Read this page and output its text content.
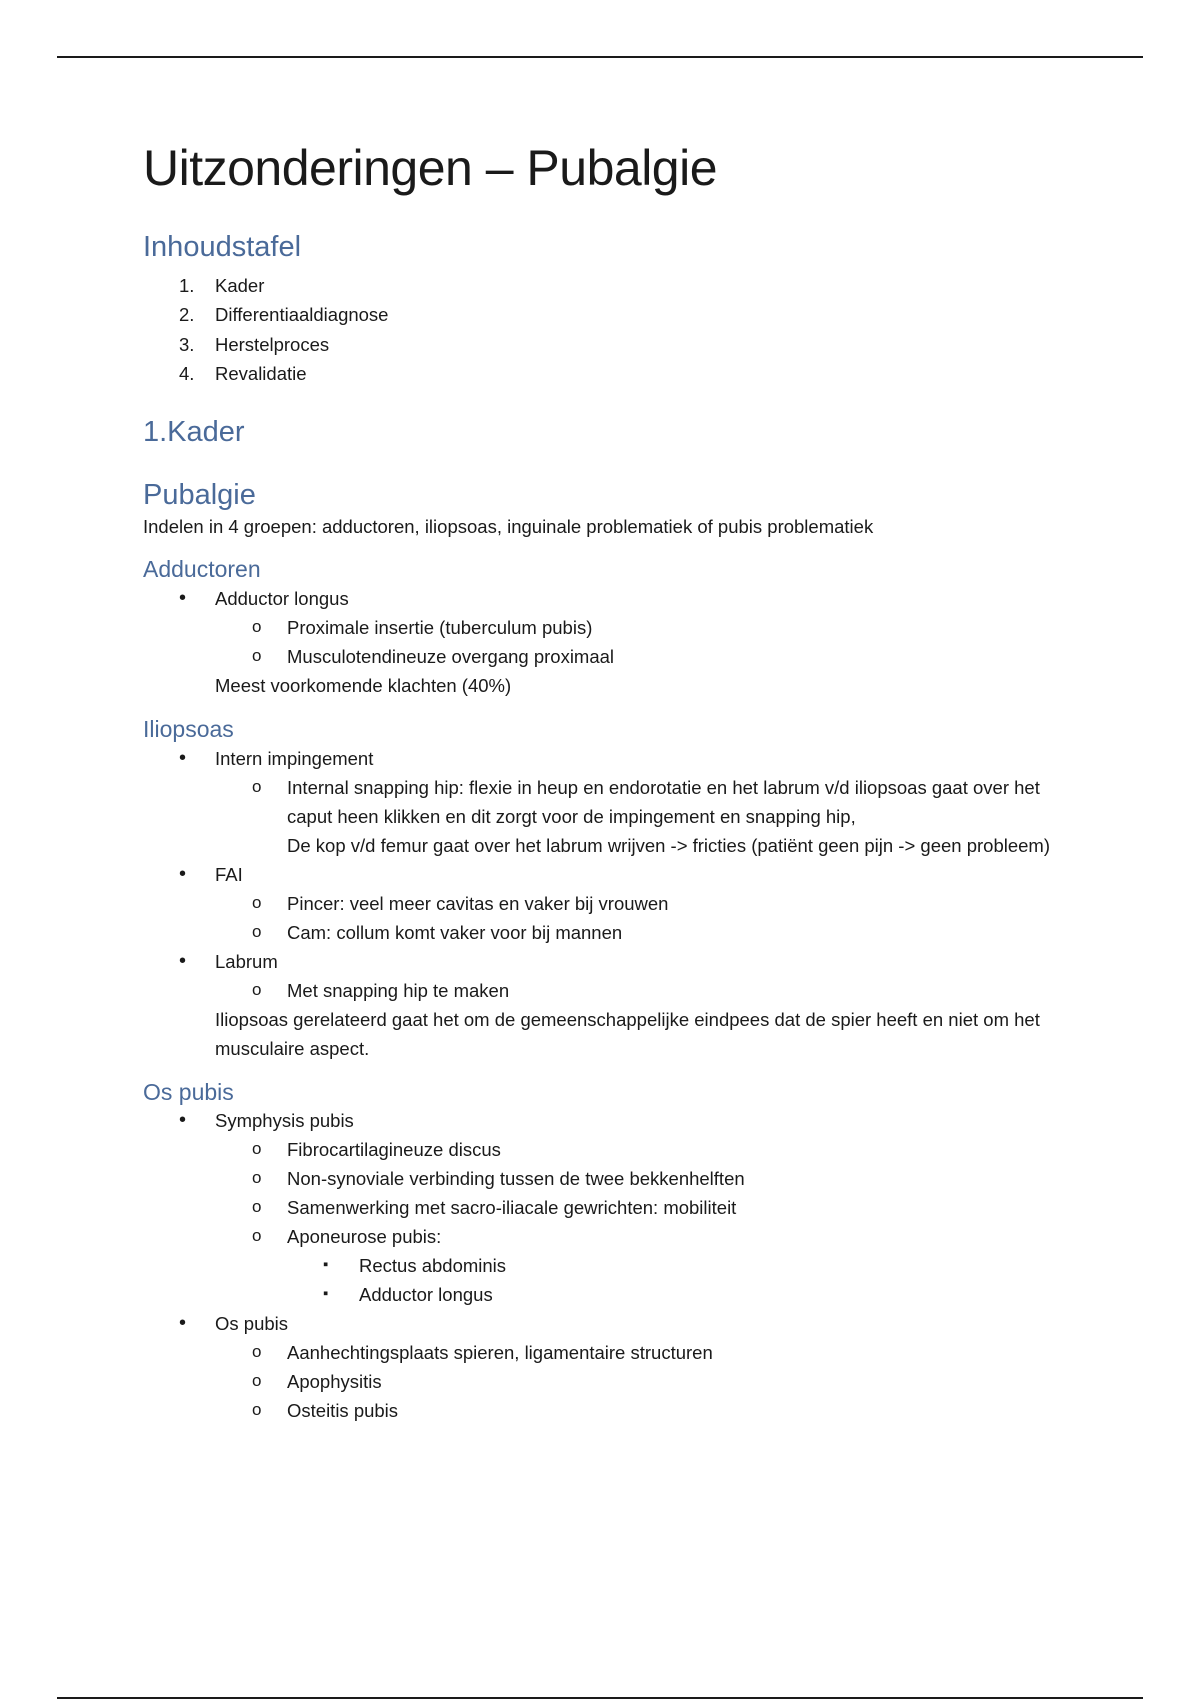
Uitzonderingen – Pubalgie
Inhoudstafel
1. Kader
2. Differentiaaldiagnose
3. Herstelproces
4. Revalidatie
1.Kader
Pubalgie

Indelen in 4 groepen: adductoren, iliopsoas, inguinale problematiek of pubis problematiek

Adductoren
• Adductor longus
o Proximale insertie (tuberculum pubis)
o Musculotendineuze overgang proximaal

Meest voorkomende klachten (40%)

Iliopsoas
• Intern impingement
o Internal snapping hip: flexie in heup en endorotatie en het labrum v/d iliopsoas gaat over het caput heen klikken en dit zorgt voor de impingement en snapping hip,
De kop v/d femur gaat over het labrum wrijven -> fricties (patiënt geen pijn -> geen probleem)
• FAI
o Pincer: veel meer cavitas en vaker bij vrouwen
o Cam: collum komt vaker voor bij mannen
• Labrum
o Met snapping hip te maken

Iliopsoas gerelateerd gaat het om de gemeenschappelijke eindpees dat de spier heeft en niet om het musculaire aspect.

Os pubis
• Symphysis pubis
o Fibrocartilagineuze discus
o Non-synoviale verbinding tussen de twee bekkenhelften
o Samenwerking met sacro-iliacale gewrichten: mobiliteit
o Aponeurose pubis:
▪ Rectus abdominis
▪ Adductor longus
• Os pubis
o Aanhechtingsplaats spieren, ligamentaire structuren
o Apophysitis
o Osteitis pubis
